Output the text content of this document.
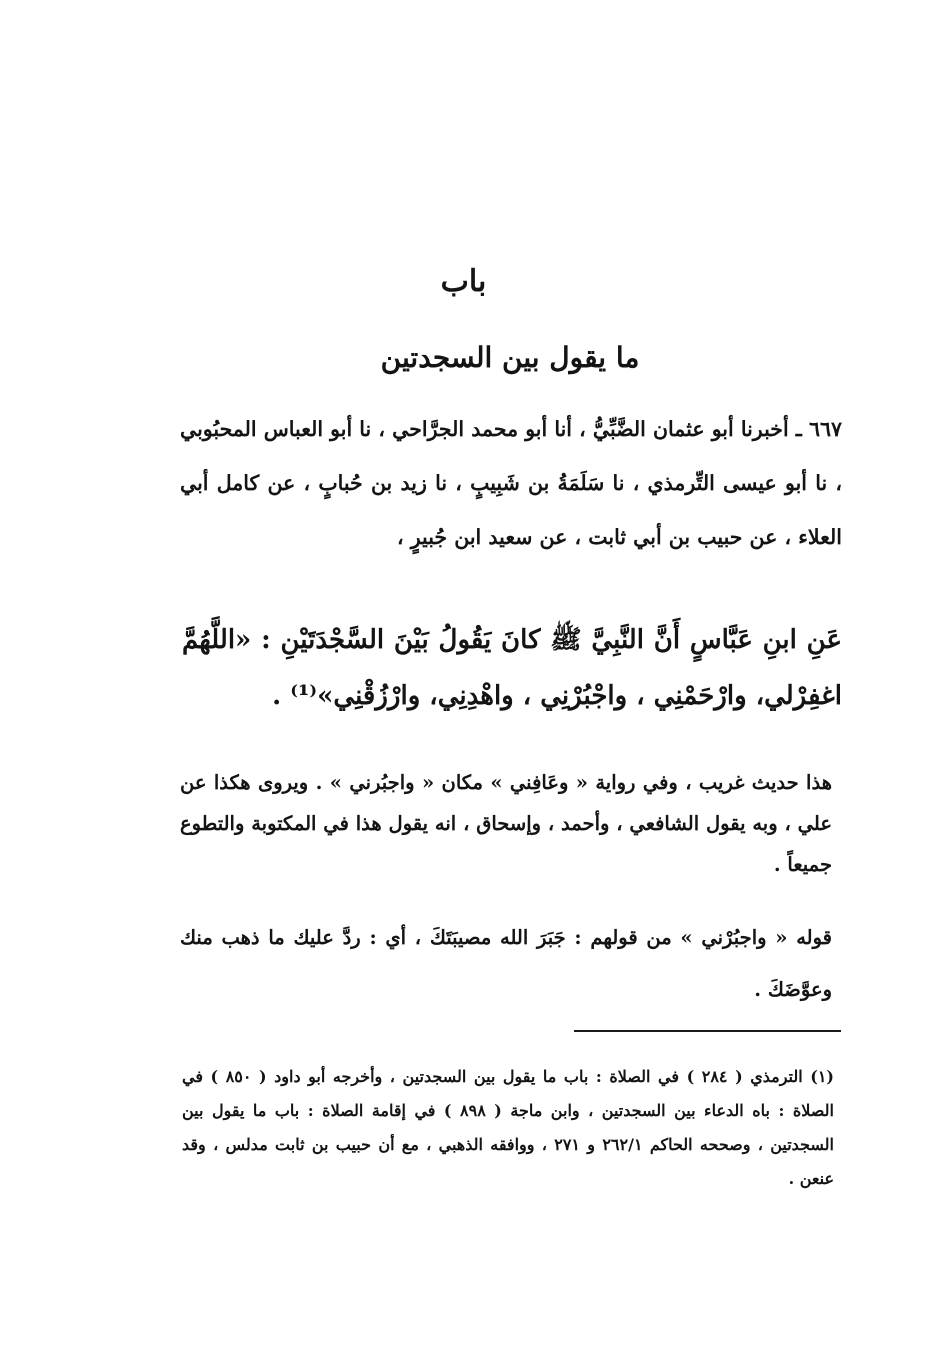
باب
ما يقول بين السجدتين
٦٦٧ ـ أخبرنا أبو عثمان الضَّبِّيُّ ، أنا أبو محمد الجرَّاحي ، نا أبو العباس المحبُوبي ، نا أبو عيسى التِّرمذي ، نا سَلَمَةُ بن شَبِيبٍ ، نا زيد بن حُبابٍ ، عن كامل أبي العلاء ، عن حبيب بن أبي ثابت ، عن سعيد ابن جُبيرٍ ،
عَنِ ابنِ عَبَّاسٍ أَنَّ النَّبِيَّ ﷺ كانَ يَقُولُ بَيْنَ السَّجْدَتَيْنِ : «اللَّهُمَّ اغفِرْلي، وارْحَمْنِي ، واجْبُرْنِي ، واهْدِنِي، وارْزُقْنِي»⁽¹⁾ .
هذا حديث غريب ، وفي رواية « وعَافِني » مكان « واجبُرني » . ويروى هكذا عن علي ، وبه يقول الشافعي ، وأحمد ، وإسحاق ، انه يقول هذا في المكتوبة والتطوع جميعاً .
قوله « واجبُرْني » من قولهم : جَبَرَ الله مصيبَتَكَ ، أي : ردَّ عليك ما ذهب منك وعوَّضَكَ .
(١) الترمذي ( ٢٨٤ ) في الصلاة : باب ما يقول بين السجدتين ، وأخرجه أبو داود ( ٨٥٠ ) في الصلاة : باه الدعاء بين السجدتين ، وابن ماجة ( ٨٩٨ ) في إقامة الصلاة : باب ما يقول بين السجدتين ، وصححه الحاكم ٢٦٢/١ و ٢٧١ ، ووافقه الذهبي ، مع أن حبيب بن ثابت مدلس ، وقد عنعن .
